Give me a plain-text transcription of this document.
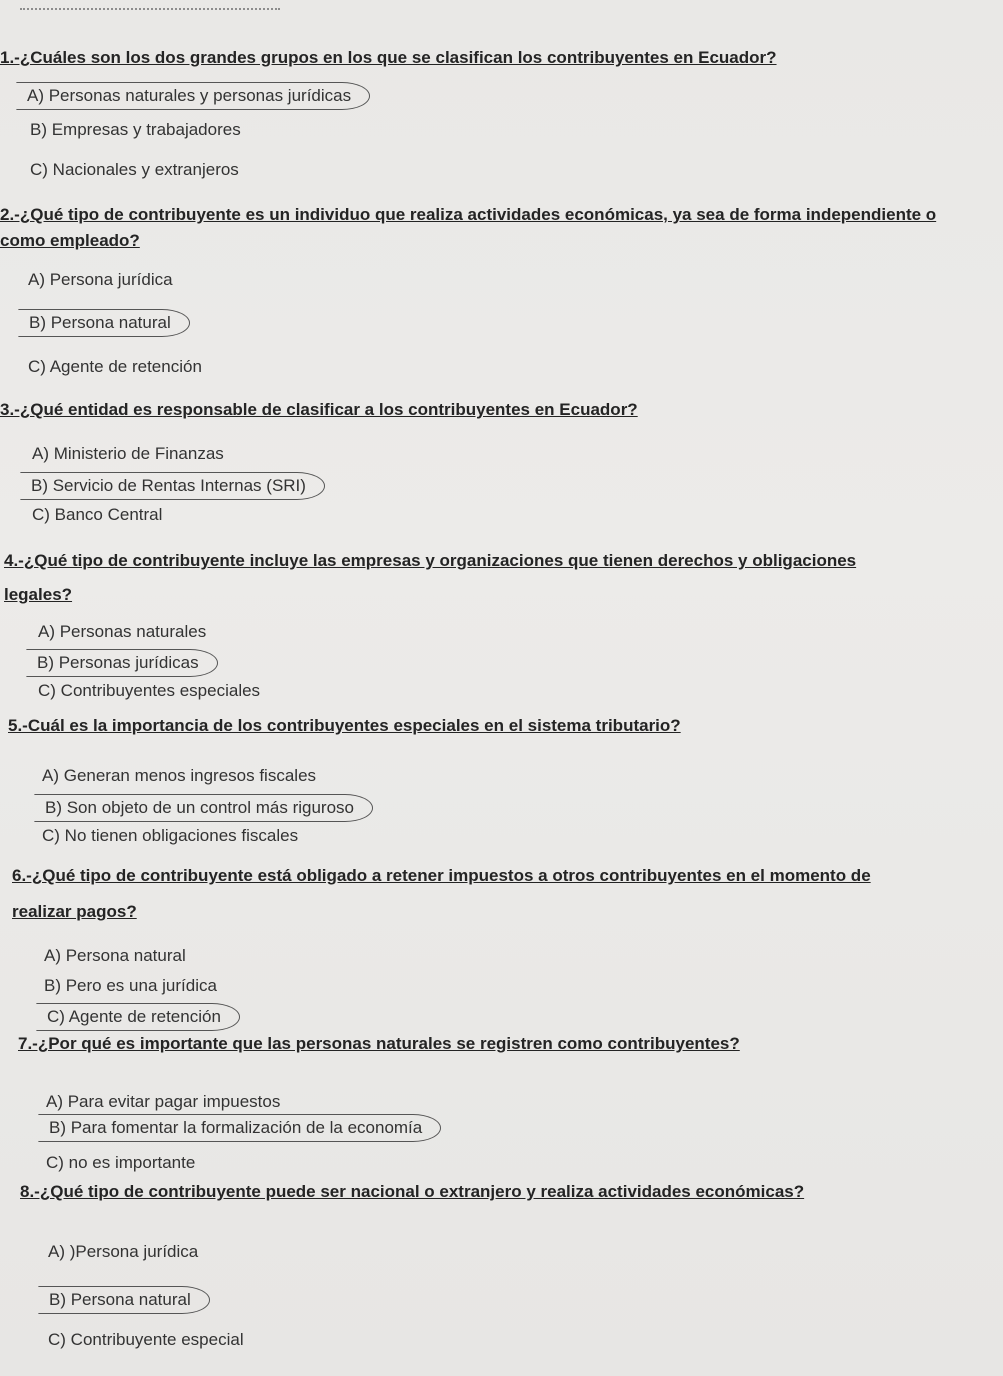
1.-¿Cuáles son los dos grandes grupos en los que se clasifican los contribuyentes en Ecuador?
A) Personas naturales y personas jurídicas
B) Empresas y trabajadores
C) Nacionales y extranjeros
2.-¿Qué tipo de contribuyente es un individuo que realiza actividades económicas, ya sea de forma independiente o como empleado?
A) Persona jurídica
B) Persona natural
C) Agente de retención
3.-¿Qué entidad es responsable de clasificar a los contribuyentes en Ecuador?
A) Ministerio de Finanzas
B) Servicio de Rentas Internas (SRI)
C) Banco Central
4.-¿Qué tipo de contribuyente incluye las empresas y organizaciones que tienen derechos y obligaciones legales?
A) Personas naturales
B) Personas jurídicas
C) Contribuyentes especiales
5.-Cuál es la importancia de los contribuyentes especiales en el sistema tributario?
A) Generan menos ingresos fiscales
B) Son objeto de un control más riguroso
C) No tienen obligaciones fiscales
6.-¿Qué tipo de contribuyente está obligado a retener impuestos a otros contribuyentes en el momento de realizar pagos?
A) Persona natural
B) Pero es una jurídica
C) Agente de retención
7.-¿Por qué es importante que las personas naturales se registren como contribuyentes?
A) Para evitar pagar impuestos
B) Para fomentar la formalización de la economía
C) no es importante
8.-¿Qué tipo de contribuyente puede ser nacional o extranjero y realiza actividades económicas?
A) )Persona jurídica
B) Persona natural
C) Contribuyente especial
